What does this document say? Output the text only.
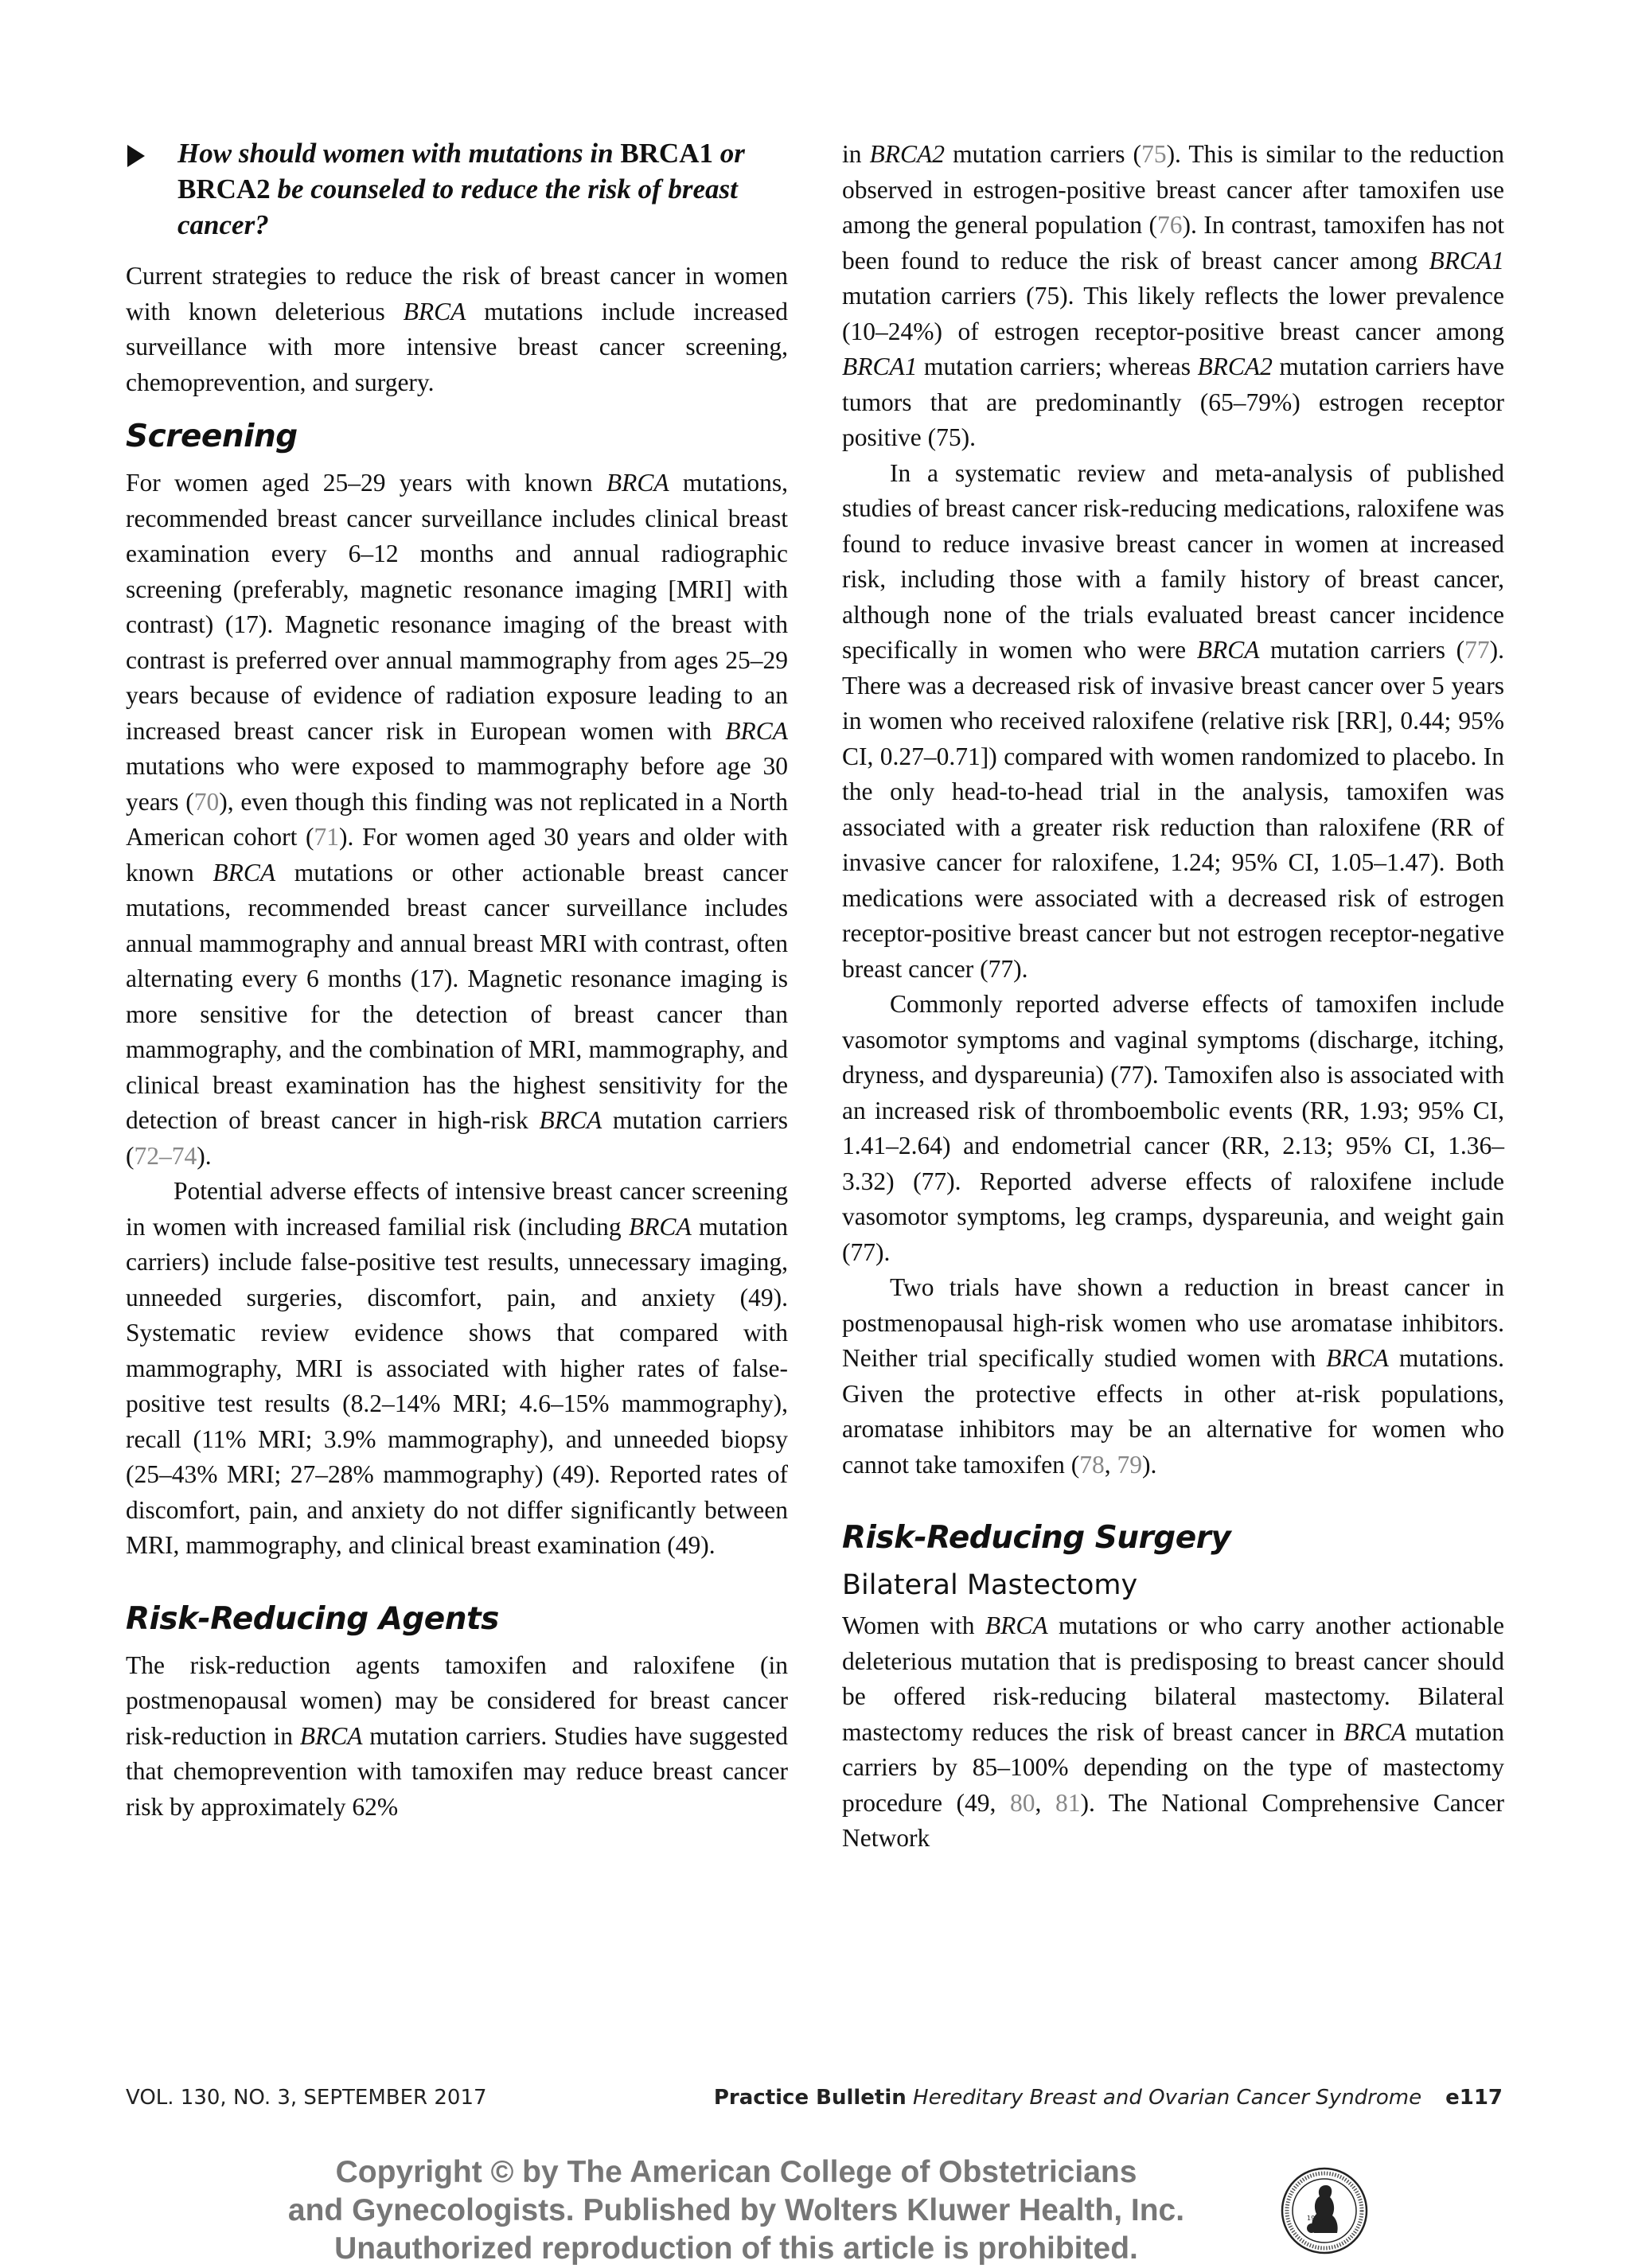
How should women with mutations in BRCA1 or BRCA2 be counseled to reduce the risk of breast cancer?

Current strategies to reduce the risk of breast cancer in women with known deleterious BRCA mutations include increased surveillance with more intensive breast cancer screening, chemoprevention, and surgery.

Screening

For women aged 25–29 years with known BRCA mutations, recommended breast cancer surveillance includes clinical breast examination every 6–12 months and annual radiographic screening (preferably, magnetic resonance imaging [MRI] with contrast) (17). Magnetic resonance imaging of the breast with contrast is preferred over annual mammography from ages 25–29 years because of evidence of radiation exposure leading to an increased breast cancer risk in European women with BRCA mutations who were exposed to mammography before age 30 years (70), even though this finding was not replicated in a North American cohort (71). For women aged 30 years and older with known BRCA mutations or other actionable breast cancer mutations, recommended breast cancer surveillance includes annual mammography and annual breast MRI with contrast, often alternating every 6 months (17). Magnetic resonance imaging is more sensitive for the detection of breast cancer than mammography, and the combination of MRI, mammography, and clinical breast examination has the highest sensitivity for the detection of breast cancer in high-risk BRCA mutation carriers (72–74).

Potential adverse effects of intensive breast cancer screening in women with increased familial risk (including BRCA mutation carriers) include false-positive test results, unnecessary imaging, unneeded surgeries, discomfort, pain, and anxiety (49). Systematic review evidence shows that compared with mammography, MRI is associated with higher rates of false-positive test results (8.2–14% MRI; 4.6–15% mammography), recall (11% MRI; 3.9% mammography), and unneeded biopsy (25–43% MRI; 27–28% mammography) (49). Reported rates of discomfort, pain, and anxiety do not differ significantly between MRI, mammography, and clinical breast examination (49).

Risk-Reducing Agents

The risk-reduction agents tamoxifen and raloxifene (in postmenopausal women) may be considered for breast cancer risk-reduction in BRCA mutation carriers. Studies have suggested that chemoprevention with tamoxifen may reduce breast cancer risk by approximately 62%

in BRCA2 mutation carriers (75). This is similar to the reduction observed in estrogen-positive breast cancer after tamoxifen use among the general population (76). In contrast, tamoxifen has not been found to reduce the risk of breast cancer among BRCA1 mutation carriers (75). This likely reflects the lower prevalence (10–24%) of estrogen receptor-positive breast cancer among BRCA1 mutation carriers; whereas BRCA2 mutation carriers have tumors that are predominantly (65–79%) estrogen receptor positive (75).

In a systematic review and meta-analysis of published studies of breast cancer risk-reducing medications, raloxifene was found to reduce invasive breast cancer in women at increased risk, including those with a family history of breast cancer, although none of the trials evaluated breast cancer incidence specifically in women who were BRCA mutation carriers (77). There was a decreased risk of invasive breast cancer over 5 years in women who received raloxifene (relative risk [RR], 0.44; 95% CI, 0.27–0.71]) compared with women randomized to placebo. In the only head-to-head trial in the analysis, tamoxifen was associated with a greater risk reduction than raloxifene (RR of invasive cancer for raloxifene, 1.24; 95% CI, 1.05–1.47). Both medications were associated with a decreased risk of estrogen receptor-positive breast cancer but not estrogen receptor-negative breast cancer (77).

Commonly reported adverse effects of tamoxifen include vasomotor symptoms and vaginal symptoms (discharge, itching, dryness, and dyspareunia) (77). Tamoxifen also is associated with an increased risk of thromboembolic events (RR, 1.93; 95% CI, 1.41–2.64) and endometrial cancer (RR, 2.13; 95% CI, 1.36–3.32) (77). Reported adverse effects of raloxifene include vasomotor symptoms, leg cramps, dyspareunia, and weight gain (77).

Two trials have shown a reduction in breast cancer in postmenopausal high-risk women who use aromatase inhibitors. Neither trial specifically studied women with BRCA mutations. Given the protective effects in other at-risk populations, aromatase inhibitors may be an alternative for women who cannot take tamoxifen (78, 79).

Risk-Reducing Surgery
Bilateral Mastectomy

Women with BRCA mutations or who carry another actionable deleterious mutation that is predisposing to breast cancer should be offered risk-reducing bilateral mastectomy. Bilateral mastectomy reduces the risk of breast cancer in BRCA mutation carriers by 85–100% depending on the type of mastectomy procedure (49, 80, 81). The National Comprehensive Cancer Network

VOL. 130, NO. 3, SEPTEMBER 2017	Practice Bulletin Hereditary Breast and Ovarian Cancer Syndrome e117
Copyright © by The American College of Obstetricians
and Gynecologists. Published by Wolters Kluwer Health, Inc.
Unauthorized reproduction of this article is prohibited.
1951
